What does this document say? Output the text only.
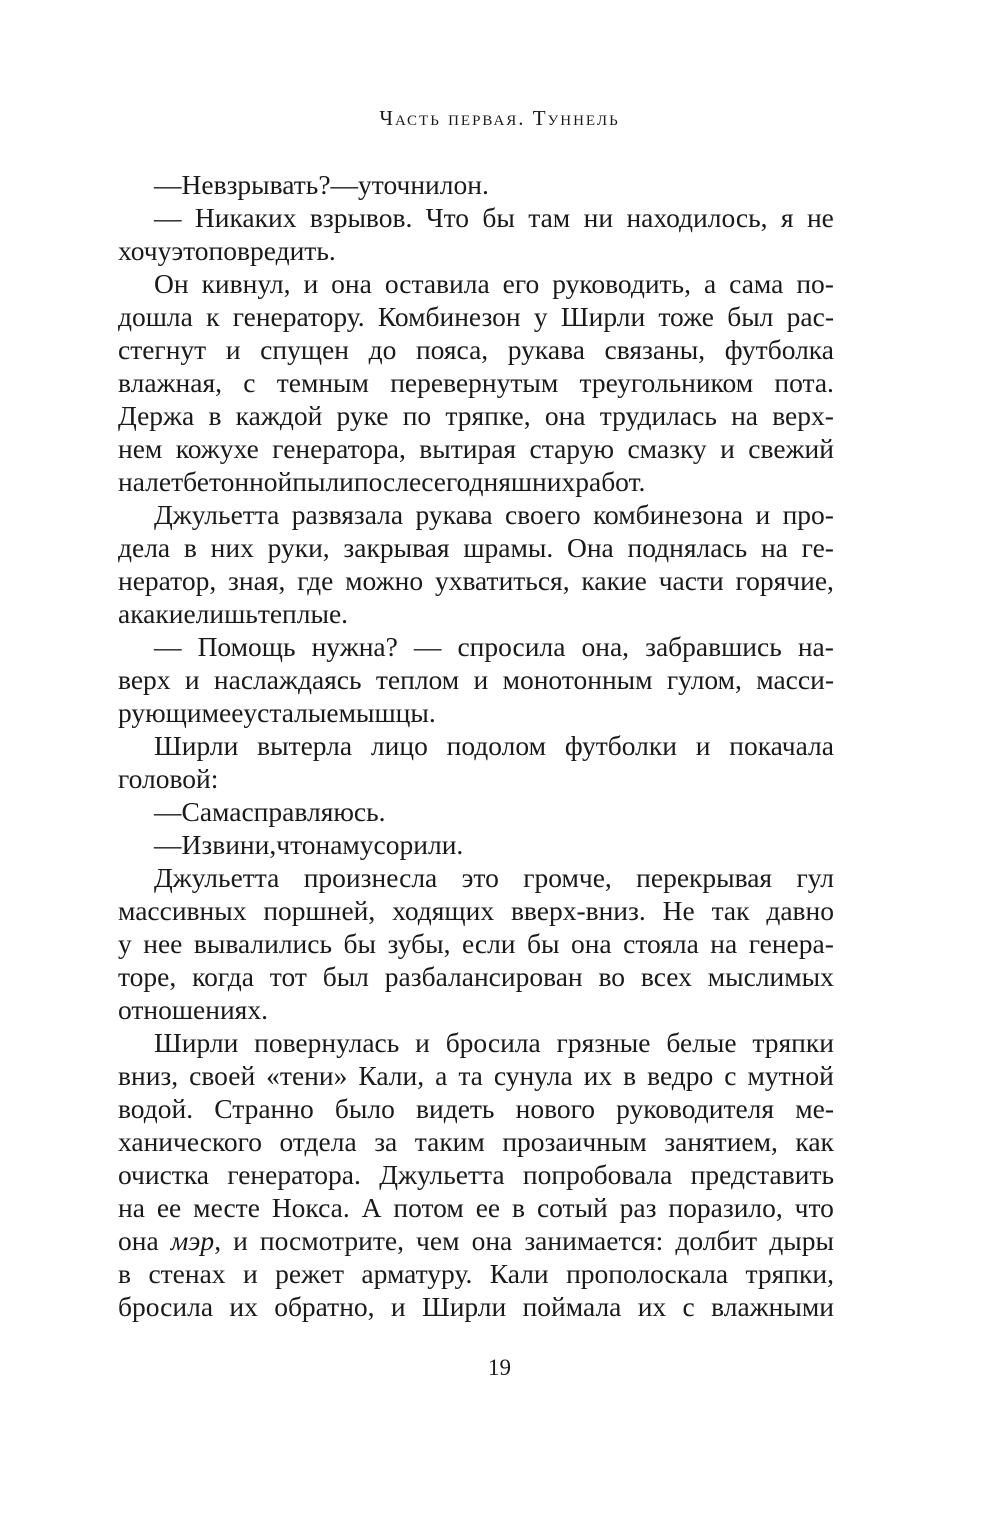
Часть первая. Туннель
— Не взрывать? — уточнил он.
— Никаких взрывов. Что бы там ни находилось, я не
хочу это повредить.
Он кивнул, и она оставила его руководить, а сама по-
дошла к генератору. Комбинезон у Ширли тоже был рас-
стегнут и спущен до пояса, рукава связаны, футболка
влажная, с темным перевернутым треугольником пота.
Держа в каждой руке по тряпке, она трудилась на верх-
нем кожухе генератора, вытирая старую смазку и свежий
налет бетонной пыли после сегодняшних работ.
Джульетта развязала рукава своего комбинезона и про-
дела в них руки, закрывая шрамы. Она поднялась на ге-
нератор, зная, где можно ухватиться, какие части горячие,
а какие лишь теплые.
— Помощь нужна? — спросила она, забравшись на-
верх и наслаждаясь теплом и монотонным гулом, масси-
рующим ее усталые мышцы.
Ширли вытерла лицо подолом футболки и покачала
головой:
— Сама справляюсь.
— Извини, что намусорили.
Джульетта произнесла это громче, перекрывая гул
массивных поршней, ходящих вверх-вниз. Не так давно
у нее вывалились бы зубы, если бы она стояла на генера-
торе, когда тот был разбалансирован во всех мыслимых
отношениях.
Ширли повернулась и бросила грязные белые тряпки
вниз, своей «тени» Кали, а та сунула их в ведро с мутной
водой. Странно было видеть нового руководителя ме-
ханического отдела за таким прозаичным занятием, как
очистка генератора. Джульетта попробовала представить
на ее месте Нокса. А потом ее в сотый раз поразило, что
она мэр, и посмотрите, чем она занимается: долбит дыры
в стенах и режет арматуру. Кали прополоскала тряпки,
бросила их обратно, и Ширли поймала их с влажными
19
